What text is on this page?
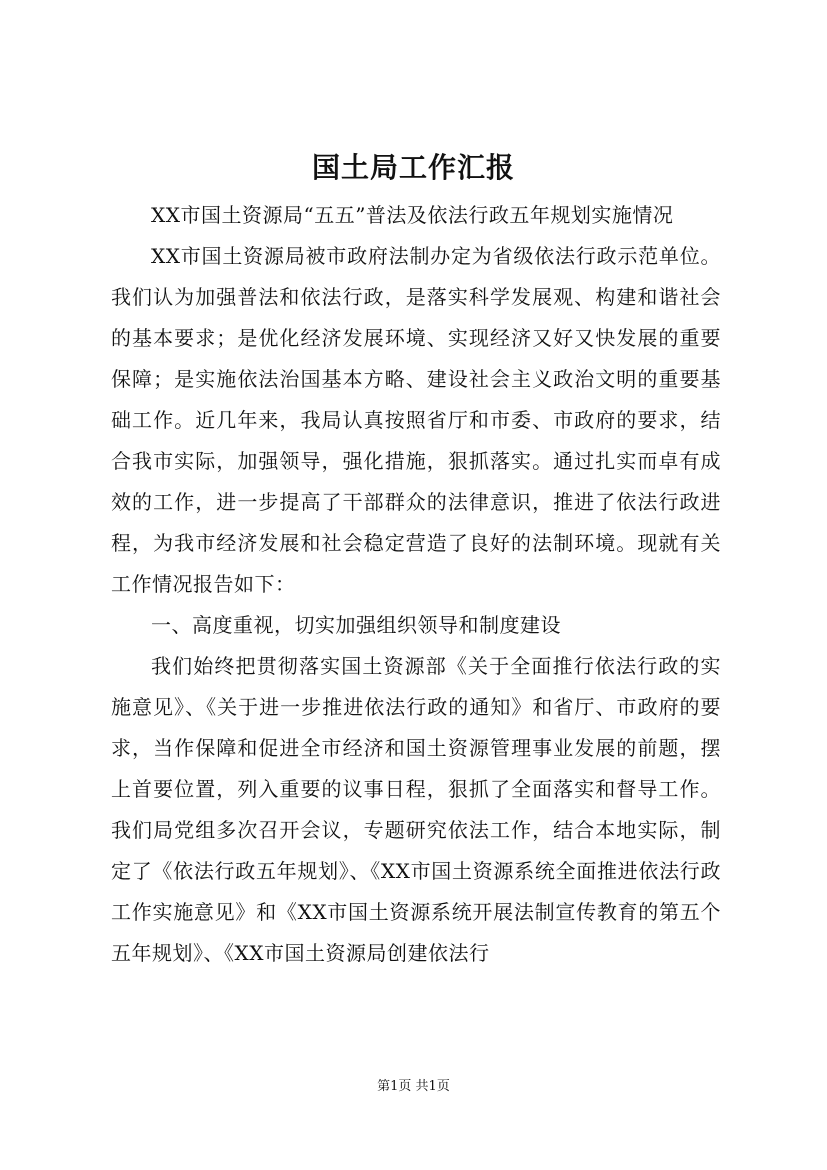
国土局工作汇报

XX市国土资源局“五五”普法及依法行政五年规划实施情况

XX市国土资源局被市政府法制办定为省级依法行政示范单位。我们认为加强普法和依法行政，是落实科学发展观、构建和谐社会的基本要求；是优化经济发展环境、实现经济又好又快发展的重要保障；是实施依法治国基本方略、建设社会主义政治文明的重要基础工作。近几年来，我局认真按照省厅和市委、市政府的要求，结合我市实际，加强领导，强化措施，狠抓落实。通过扎实而卓有成效的工作，进一步提高了干部群众的法律意识，推进了依法行政进程，为我市经济发展和社会稳定营造了良好的法制环境。现就有关工作情况报告如下：

一、高度重视，切实加强组织领导和制度建设

我们始终把贯彻落实国土资源部《关于全面推行依法行政的实施意见》、《关于进一步推进依法行政的通知》和省厅、市政府的要求，当作保障和促进全市经济和国土资源管理事业发展的前题，摆上首要位置，列入重要的议事日程，狠抓了全面落实和督导工作。我们局党组多次召开会议，专题研究依法工作，结合本地实际，制定了《依法行政五年规划》、《XX市国土资源系统全面推进依法行政工作实施意见》和《XX市国土资源系统开展法制宣传教育的第五个五年规划》、《XX市国土资源局创建依法行

第1页 共1页
